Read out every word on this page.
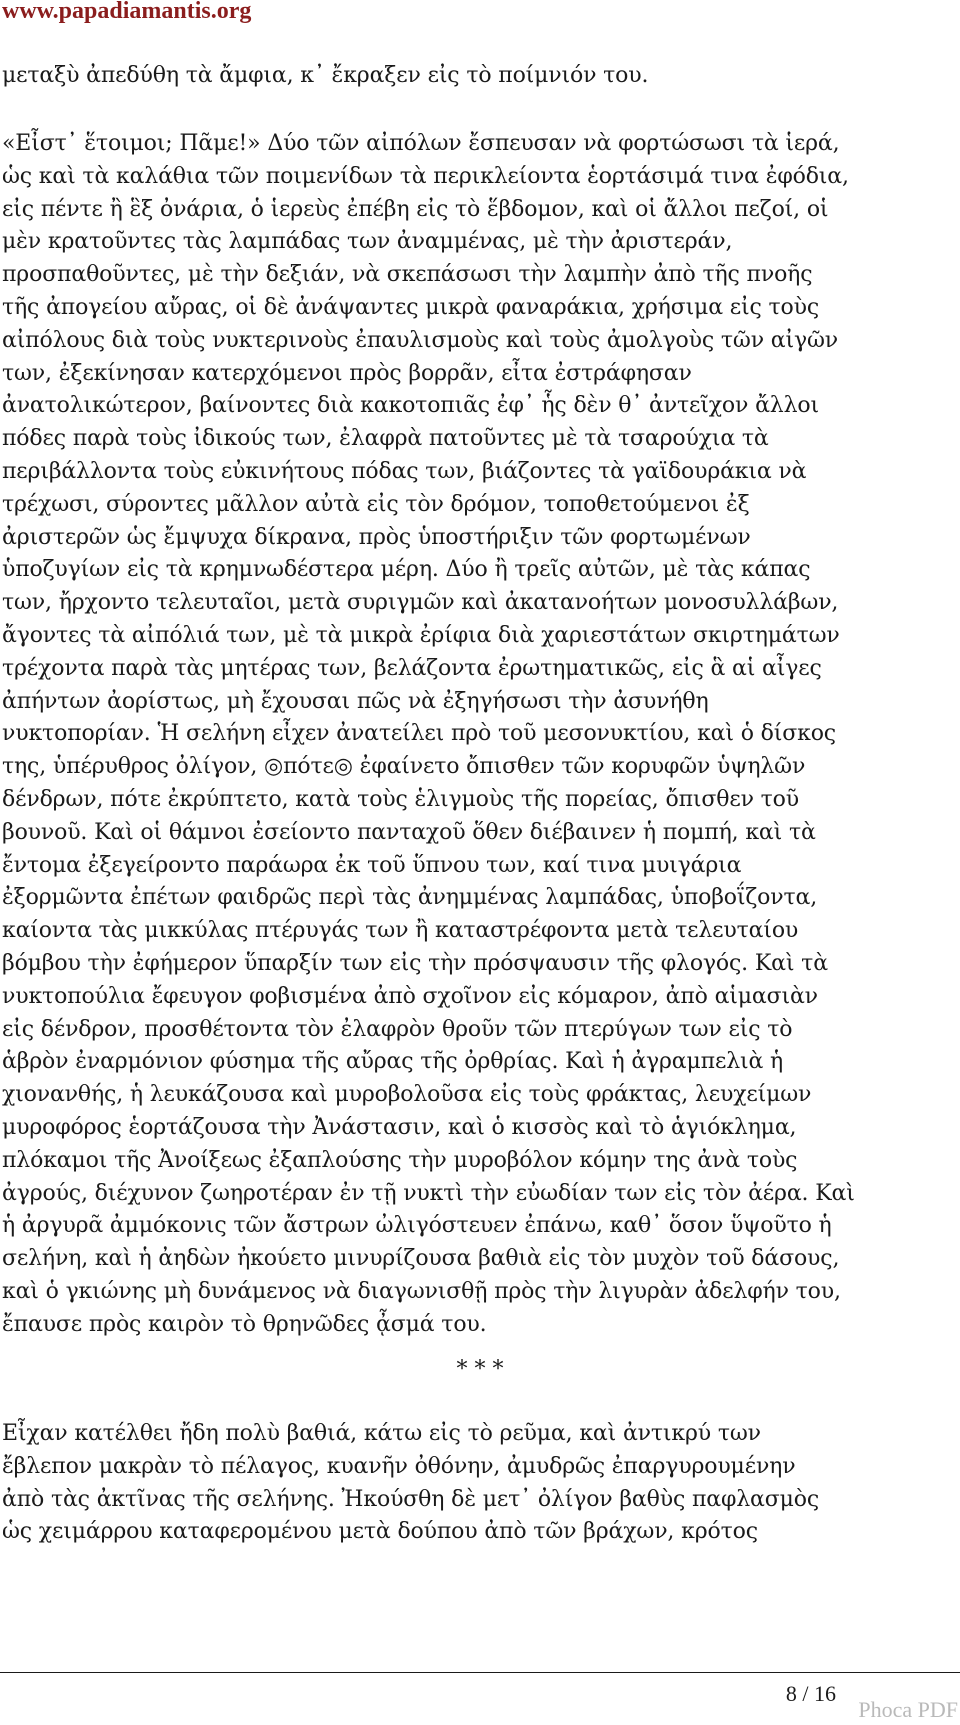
www.papadiamantis.org
μεταξὺ ἀπεδύθη τὰ ἄμφια, κ᾿ ἔκραξεν εἰς τὸ ποίμνιόν του.
«Εἶστ᾿ ἕτοιμοι; Πᾶμε!» Δύο τῶν αἰπόλων ἔσπευσαν νὰ φορτώσωσι τὰ ἱερά,
ὡς καὶ τὰ καλάθια τῶν ποιμενίδων τὰ περικλείοντα ἑορτάσιμά τινα ἐφόδια,
εἰς πέντε ἢ ἓξ ὀνάρια, ὁ ἱερεὺς ἐπέβη εἰς τὸ ἕβδομον, καὶ οἱ ἄλλοι πεζοί, οἱ
μὲν κρατοῦντες τὰς λαμπάδας των ἀναμμένας, μὲ τὴν ἀριστεράν,
προσπαθοῦντες, μὲ τὴν δεξιάν, νὰ σκεπάσωσι τὴν λαμπὴν ἀπὸ τῆς πνοῆς
τῆς ἀπογείου αὔρας, οἱ δὲ ἀνάψαντες μικρὰ φαναράκια, χρήσιμα εἰς τοὺς
αἰπόλους διὰ τοὺς νυκτερινοὺς ἐπαυλισμοὺς καὶ τοὺς ἀμολγοὺς τῶν αἰγῶν
των, ἐξεκίνησαν κατερχόμενοι πρὸς βορρᾶν, εἶτα ἐστράφησαν
ἀνατολικώτερον, βαίνοντες διὰ κακοτοπιᾶς ἐφ᾿ ἧς δὲν θ᾿ ἀντεῖχον ἄλλοι
πόδες παρὰ τοὺς ἰδικούς των, ἐλαφρὰ πατοῦντες μὲ τὰ τσαρούχια τὰ
περιβάλλοντα τοὺς εὐκινήτους πόδας των, βιάζοντες τὰ γαϊδουράκια νὰ
τρέχωσι, σύροντες μᾶλλον αὐτὰ εἰς τὸν δρόμον, τοποθετούμενοι ἐξ
ἀριστερῶν ὡς ἔμψυχα δίκρανα, πρὸς ὑποστήριξιν τῶν φορτωμένων
ὑποζυγίων εἰς τὰ κρημνωδέστερα μέρη. Δύο ἢ τρεῖς αὐτῶν, μὲ τὰς κάπας
των, ἤρχοντο τελευταῖοι, μετὰ συριγμῶν καὶ ἀκατανοήτων μονοσυλλάβων,
ἄγοντες τὰ αἰπόλιά των, μὲ τὰ μικρὰ ἐρίφια διὰ χαριεστάτων σκιρτημάτων
τρέχοντα παρὰ τὰς μητέρας των, βελάζοντα ἐρωτηματικῶς, εἰς ἃ αἱ αἶγες
ἀπήντων ἀορίστως, μὴ ἔχουσαι πῶς νὰ ἐξηγήσωσι τὴν ἀσυνήθη
νυκτοπορίαν. Ἡ σελήνη εἶχεν ἀνατείλει πρὸ τοῦ μεσονυκτίου, καὶ ὁ δίσκος
της, ὑπέρυθρος ὀλίγον, ◎πότε◎ ἐφαίνετο ὄπισθεν τῶν κορυφῶν ὑψηλῶν
δένδρων, πότε ἐκρύπτετο, κατὰ τοὺς ἑλιγμοὺς τῆς πορείας, ὄπισθεν τοῦ
βουνοῦ. Καὶ οἱ θάμνοι ἐσείοντο πανταχοῦ ὅθεν διέβαινεν ἡ πομπή, καὶ τὰ
ἔντομα ἐξεγείροντο παράωρα ἐκ τοῦ ὕπνου των, καί τινα μυιγάρια
ἐξορμῶντα ἐπέτων φαιδρῶς περὶ τὰς ἀνημμένας λαμπάδας, ὑποβοΐζοντα,
καίοντα τὰς μικκύλας πτέρυγάς των ἢ καταστρέφοντα μετὰ τελευταίου
βόμβου τὴν ἐφήμερον ὕπαρξίν των εἰς τὴν πρόσψαυσιν τῆς φλογός. Καὶ τὰ
νυκτοπούλια ἔφευγον φοβισμένα ἀπὸ σχοῖνον εἰς κόμαρον, ἀπὸ αἱμασιὰν
εἰς δένδρον, προσθέτοντα τὸν ἐλαφρὸν θροῦν τῶν πτερύγων των εἰς τὸ
ἁβρὸν ἐναρμόνιον φύσημα τῆς αὔρας τῆς ὀρθρίας. Καὶ ἡ ἀγραμπελιὰ ἡ
χιονανθής, ἡ λευκάζουσα καὶ μυροβολοῦσα εἰς τοὺς φράκτας, λευχείμων
μυροφόρος ἑορτάζουσα τὴν Ἀνάστασιν, καὶ ὁ κισσὸς καὶ τὸ ἁγιόκλημα,
πλόκαμοι τῆς Ἀνοίξεως ἐξαπλούσης τὴν μυροβόλον κόμην της ἀνὰ τοὺς
ἀγρούς, διέχυνον ζωηροτέραν ἐν τῇ νυκτὶ τὴν εὐωδίαν των εἰς τὸν ἀέρα. Καὶ
ἡ ἀργυρᾶ ἀμμόκονις τῶν ἄστρων ὠλιγόστευεν ἐπάνω, καθ᾿ ὅσον ὕψοῦτο ἡ
σελήνη, καὶ ἡ ἀηδὼν ἠκούετο μινυρίζουσα βαθιὰ εἰς τὸν μυχὸν τοῦ δάσους,
καὶ ὁ γκιώνης μὴ δυνάμενος νὰ διαγωνισθῇ πρὸς τὴν λιγυρὰν ἀδελφήν του,
ἔπαυσε πρὸς καιρὸν τὸ θρηνῶδες ᾆσμά του.
* * *
Εἶχαν κατέλθει ἤδη πολὺ βαθιά, κάτω εἰς τὸ ρεῦμα, καὶ ἀντικρύ των
ἔβλεπον μακρὰν τὸ πέλαγος, κυανῆν ὀθόνην, ἀμυδρῶς ἐπαργυρουμένην
ἀπὸ τὰς ἀκτῖνας τῆς σελήνης. Ἠκούσθη δὲ μετ᾿ ὀλίγον βαθὺς παφλασμὸς
ὡς χειμάρρου καταφερομένου μετὰ δούπου ἀπὸ τῶν βράχων, κρότος
8 / 16
Phoca PDF
